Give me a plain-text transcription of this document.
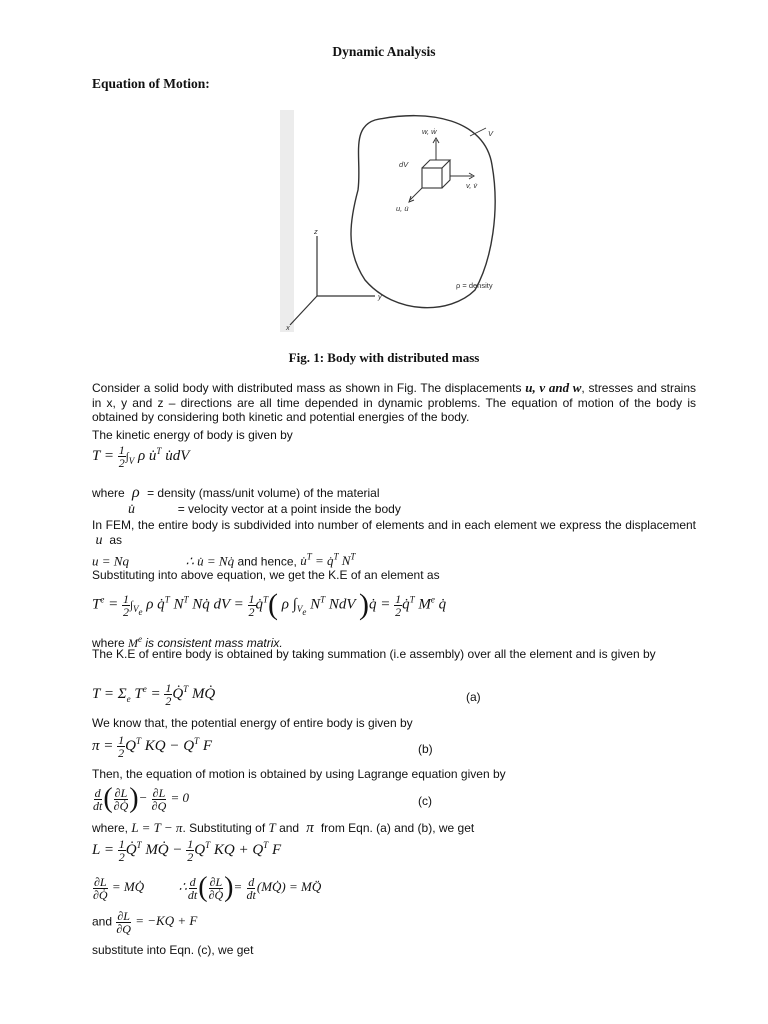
Dynamic Analysis
Equation of Motion:
z
y
x
w, ẇ	V
dV
v, v̇
u, u̇
ρ = density
Fig. 1: Body with distributed mass
Consider a solid body with distributed mass as shown in Fig. The displacements u, v and w, stresses and strains in x, y and z – directions are all time depended in dynamic problems. The equation of motion of the body is obtained by considering both kinetic and potential energies of the body.
The kinetic energy of body is given by
$T = \frac{1}{2} \int_V$ ρ u̇$^T$ u̇dV
where  ρ  = density (mass/unit volume) of the material
u̇	= velocity vector at a point inside the body
In FEM, the entire body is subdivided into number of elements and in each element we express the displacement  u  as
u = Nq	∴ u̇ = Nq̇ and hence, u̇$^T$ = q̇$^T$ $N^T$
Substituting into above equation, we get the K.E of an element as
$T^e = \frac{1}{2} \int_{V_e}$ ρ q̇$^T$ $N^T$ Nq̇ dV = $\frac{1}{2}$ q̇$^T$( ρ $\int_{V_e}$ $N^T$ NdV )q̇ = $\frac{1}{2}$ q̇$^T$ Me q̇
where Me is consistent mass matrix.
The K.E of entire body is obtained by taking summation (i.e assembly) over all the element and is given by
$T = \Sigma_e$ $T^e = \frac{1}{2}$ Q̇$^T$ MQ̇	(a)
We know that, the potential energy of entire body is given by
$\pi = \frac{1}{2} Q^T$ KQ − $Q^T$ F	(b)
Then, the equation of motion is obtained by using Lagrange equation given by
$\frac{d}{dt}$ ( $\frac{\partial L}{\partial Q̇}$ )− $\frac{\partial L}{\partial Q} = 0$	(c)
where, L = T − π. Substituting of T and  π  from Eqn. (a) and (b), we get
$L = \frac{1}{2}$ Q̇$^T$ MQ̇ − $\frac{1}{2} Q^T$ KQ + $Q^T$ F
$\frac{\partial L}{\partial Q̇}$ = MQ̇  ∴ $\frac{d}{dt}$ ( $\frac{\partial L}{\partial Q̇}$ )= $\frac{d}{dt}$ (MQ̇) = MQ̈
and $\frac{\partial L}{\partial Q} = -KQ + F$
substitute into Eqn. (c), we get
